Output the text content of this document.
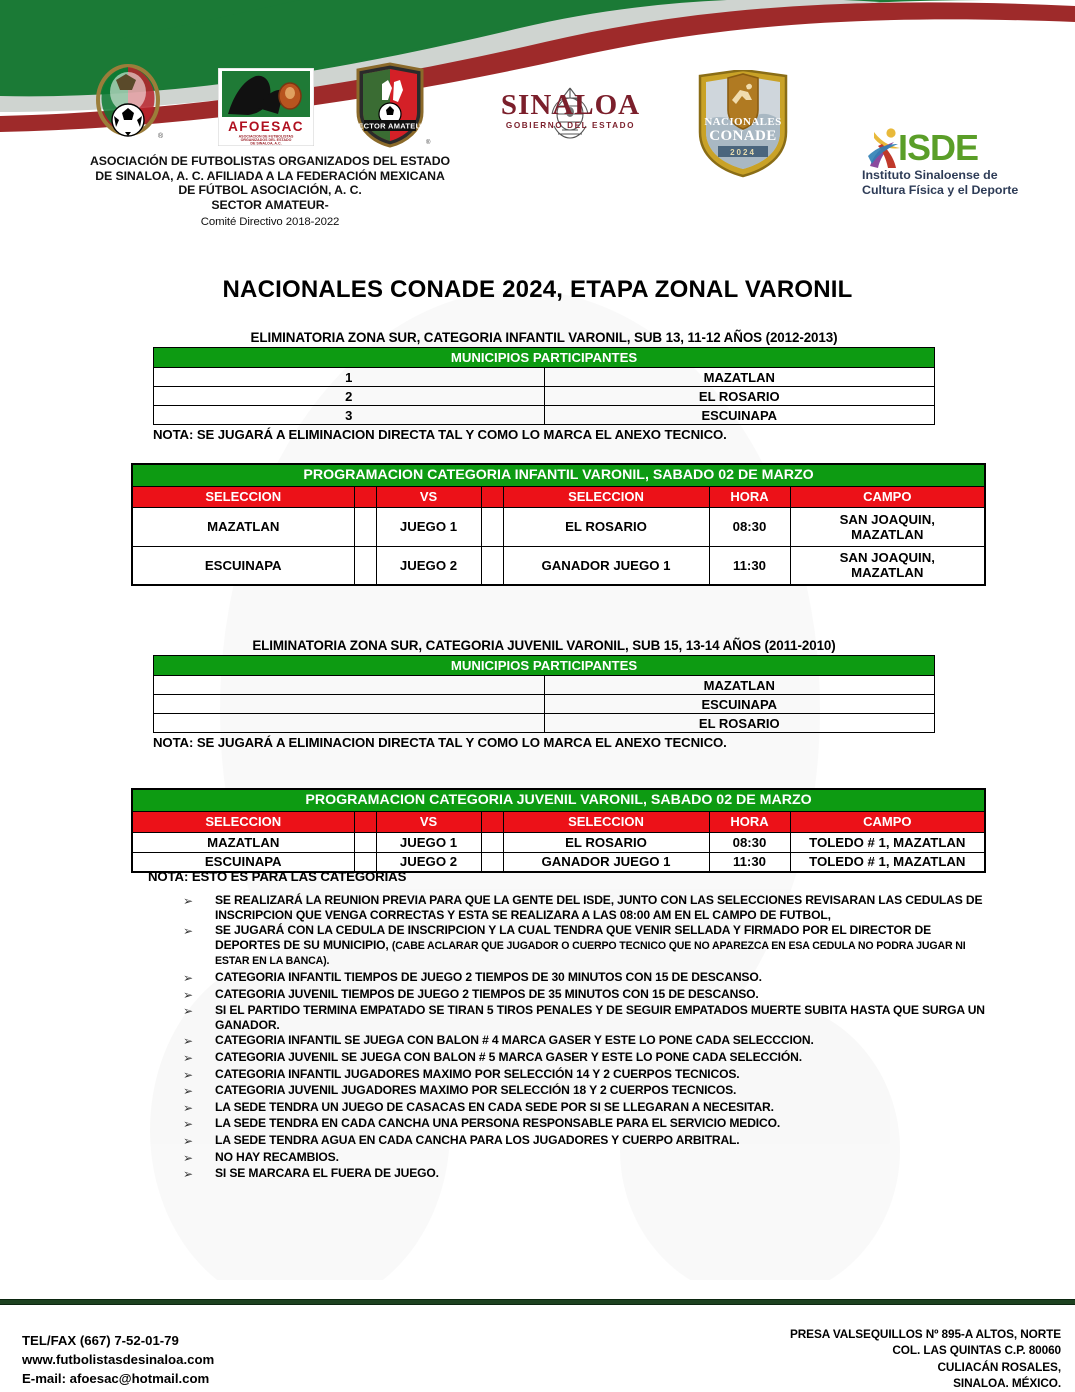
®
AFOESAC
ASOCIACION DE FUTBOLISTAS
ORGANIZADOS DEL ESTADO
DE SINALOA, A.C.
SECTOR AMATEUR
®
ASOCIACIÓN DE FUTBOLISTAS ORGANIZADOS DEL ESTADO
DE SINALOA, A. C. AFILIADA A LA FEDERACIÓN MEXICANA
DE FÚTBOL ASOCIACIÓN, A. C.
SECTOR AMATEUR-
Comité Directivo 2018-2022
SINALOA
GOBIERNO DEL ESTADO	NACIONALES
CONADE
2024	ISDE
Instituto Sinaloense de
Cultura Física y el Deporte
NACIONALES CONADE 2024, ETAPA ZONAL VARONIL
ELIMINATORIA ZONA SUR, CATEGORIA INFANTIL VARONIL, SUB 13, 11-12 AÑOS (2012-2013)
MUNICIPIOS PARTICIPANTES	
1	MAZATLAN
2	EL ROSARIO
3	ESCUINAPA
NOTA: SE JUGARÁ A ELIMINACION DIRECTA TAL Y COMO LO MARCA EL ANEXO TECNICO.
PROGRAMACION CATEGORIA INFANTIL VARONIL, SABADO 02 DE MARZO						
SELECCION		VS		SELECCION	HORA	CAMPO
MAZATLAN		JUEGO 1		EL ROSARIO	08:30	SAN JOAQUIN,
MAZATLAN

ESCUINAPA		JUEGO 2		GANADOR JUEGO 1	11:30	SAN JOAQUIN,
MAZATLAN
ELIMINATORIA ZONA SUR, CATEGORIA JUVENIL VARONIL, SUB 15, 13-14 AÑOS (2011-2010)
MUNICIPIOS PARTICIPANTES	
	MAZATLAN
	ESCUINAPA
	EL ROSARIO
NOTA: SE JUGARÁ A ELIMINACION DIRECTA TAL Y COMO LO MARCA EL ANEXO TECNICO.
PROGRAMACION CATEGORIA JUVENIL VARONIL, SABADO 02 DE MARZO						
SELECCION		VS		SELECCION	HORA	CAMPO
MAZATLAN		JUEGO 1		EL ROSARIO	08:30	TOLEDO # 1, MAZATLAN
ESCUINAPA		JUEGO 2		GANADOR JUEGO 1	11:30	TOLEDO # 1, MAZATLAN
NOTA: ESTO ES PARA LAS CATEGORIAS
➢	SE REALIZARÁ LA REUNION PREVIA PARA QUE LA GENTE DEL ISDE, JUNTO CON LAS SELECCIONES REVISARAN LAS CEDULAS DE INSCRIPCION QUE VENGA CORRECTAS Y ESTA SE REALIZARA A LAS 08:00 AM EN EL CAMPO DE FUTBOL,
➢	SE JUGARÁ CON LA CEDULA DE INSCRIPCION Y LA CUAL TENDRA QUE VENIR SELLADA Y FIRMADO POR EL DIRECTOR DE DEPORTES DE SU MUNICIPIO, (CABE ACLARAR QUE JUGADOR O CUERPO TECNICO QUE NO APAREZCA EN ESA CEDULA NO PODRA JUGAR NI ESTAR EN LA BANCA).
➢	CATEGORIA INFANTIL TIEMPOS DE JUEGO 2 TIEMPOS DE 30 MINUTOS CON 15 DE DESCANSO.
➢	CATEGORIA JUVENIL TIEMPOS DE JUEGO 2 TIEMPOS DE 35 MINUTOS CON 15 DE DESCANSO.
➢	SI EL PARTIDO TERMINA EMPATADO SE TIRAN 5 TIROS PENALES Y DE SEGUIR EMPATADOS MUERTE SUBITA HASTA QUE SURGA UN GANADOR.
➢	CATEGORIA INFANTIL SE JUEGA CON BALON # 4 MARCA GASER Y ESTE LO PONE CADA SELECCCION.
➢	CATEGORIA JUVENIL SE JUEGA CON BALON # 5 MARCA GASER Y ESTE LO PONE CADA SELECCIÓN.
➢	CATEGORIA INFANTIL JUGADORES MAXIMO POR SELECCIÓN 14 Y 2 CUERPOS TECNICOS.
➢	CATEGORIA JUVENIL JUGADORES MAXIMO POR SELECCIÓN 18 Y 2 CUERPOS TECNICOS.
➢	LA SEDE TENDRA UN JUEGO DE CASACAS EN CADA SEDE POR SI SE LLEGARAN A NECESITAR.
➢	LA SEDE TENDRA EN CADA CANCHA UNA PERSONA RESPONSABLE PARA EL SERVICIO MEDICO.
➢	LA SEDE TENDRA AGUA EN CADA CANCHA PARA LOS JUGADORES Y CUERPO ARBITRAL.
➢	NO HAY RECAMBIOS.
➢	SI SE MARCARA EL FUERA DE JUEGO.
TEL/FAX (667) 7-52-01-79
www.futbolistasdesinaloa.com
E-mail: afoesac@hotmail.com
PRESA VALSEQUILLOS Nº 895-A ALTOS, NORTE
COL. LAS QUINTAS C.P. 80060
CULIACÁN ROSALES,
SINALOA. MÉXICO.
